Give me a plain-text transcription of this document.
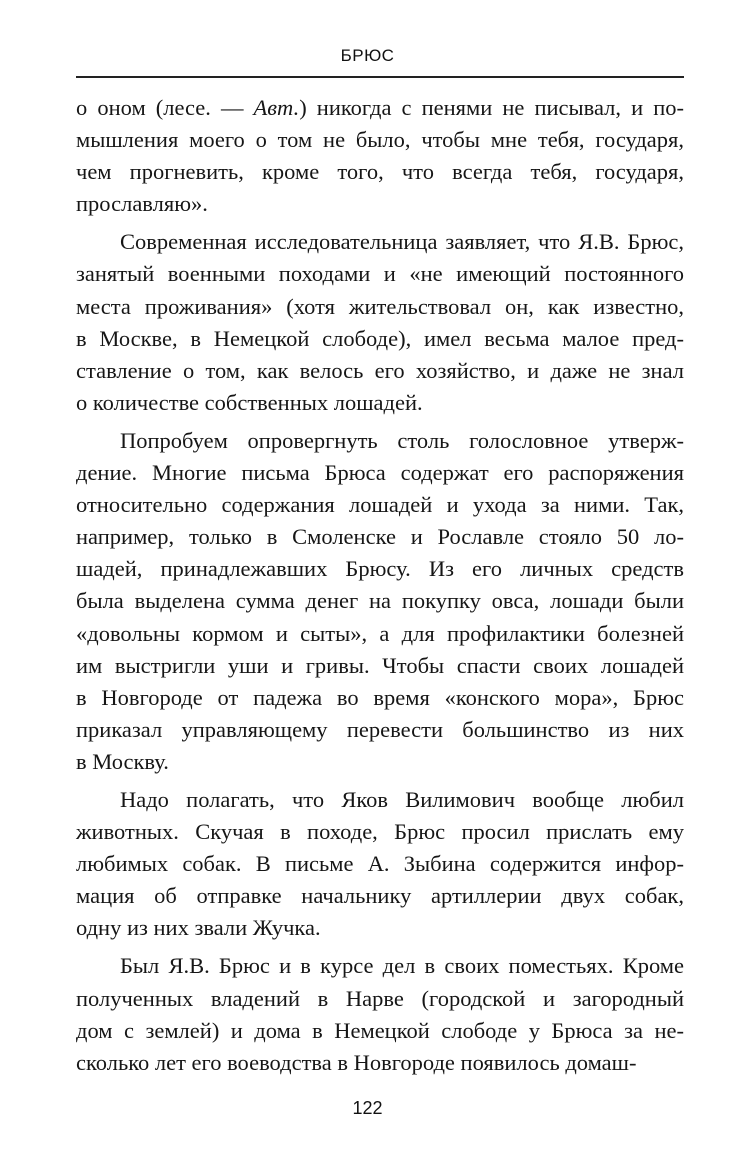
БРЮС
о оном (лесе. — Авт.) никогда с пенями не писывал, и по-
мышления моего о том не было, чтобы мне тебя, государя,
чем прогневить, кроме того, что всегда тебя, государя,
прославляю».
Современная исследовательница заявляет, что Я.В. Брюс,
занятый военными походами и «не имеющий постоянного
места проживания» (хотя жительствовал он, как известно,
в Москве, в Немецкой слободе), имел весьма малое пред-
ставление о том, как велось его хозяйство, и даже не знал
о количестве собственных лошадей.
Попробуем опровергнуть столь голословное утверж-
дение. Многие письма Брюса содержат его распоряжения
относительно содержания лошадей и ухода за ними. Так,
например, только в Смоленске и Рославле стояло 50 ло-
шадей, принадлежавших Брюсу. Из его личных средств
была выделена сумма денег на покупку овса, лошади были
«довольны кормом и сыты», а для профилактики болезней
им выстригли уши и гривы. Чтобы спасти своих лошадей
в Новгороде от падежа во время «конского мора», Брюс
приказал управляющему перевести большинство из них
в Москву.
Надо полагать, что Яков Вилимович вообще любил
животных. Скучая в походе, Брюс просил прислать ему
любимых собак. В письме А. Зыбина содержится инфор-
мация об отправке начальнику артиллерии двух собак,
одну из них звали Жучка.
Был Я.В. Брюс и в курсе дел в своих поместьях. Кроме
полученных владений в Нарве (городской и загородный
дом с землей) и дома в Немецкой слободе у Брюса за не-
сколько лет его воеводства в Новгороде появилось домаш-
122
